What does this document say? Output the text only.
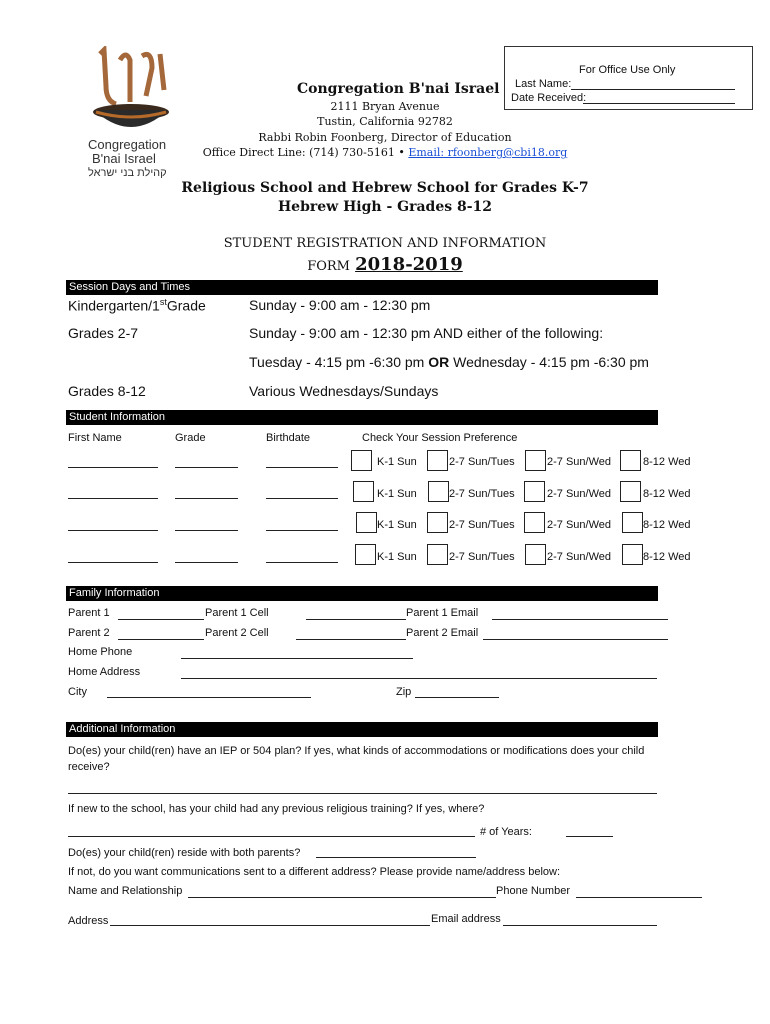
Congregation
B'nai Israel
קהילת בני ישראל
For Office Use Only
Last Name:
Date Received:
Congregation B'nai Israel
2111 Bryan Avenue
Tustin, California 92782
Rabbi Robin Foonberg, Director of Education
Office Direct Line: (714) 730-5161 • Email: rfoonberg@cbi18.org
Religious School and Hebrew School for Grades K-7
Hebrew High - Grades 8-12
STUDENT REGISTRATION AND INFORMATION
FORM 2018-2019
Session Days and Times
Kindergarten/1stGrade	Sunday - 9:00 am - 12:30 pm
Grades 2-7	Sunday - 9:00 am - 12:30 pm AND either of the following:
Tuesday - 4:15 pm -6:30 pm OR Wednesday - 4:15 pm -6:30 pm
Grades 8-12	Various Wednesdays/Sundays
Student Information
First Name	Grade	Birthdate	Check Your Session Preference
K-1 Sun	2-7 Sun/Tues	2-7 Sun/Wed	8-12 Wed
K-1 Sun	2-7 Sun/Tues	2-7 Sun/Wed	8-12 Wed
K-1 Sun	2-7 Sun/Tues	2-7 Sun/Wed	8-12 Wed
K-1 Sun	2-7 Sun/Tues	2-7 Sun/Wed	8-12 Wed
Family Information
Parent 1	Parent 1 Cell	Parent 1 Email
Parent 2	Parent 2 Cell	Parent 2 Email
Home Phone
Home Address
City	Zip
Additional Information
Do(es) your child(ren) have an IEP or 504 plan? If yes, what kinds of accommodations or modifications does your child receive?
If new to the school, has your child had any previous religious training? If yes, where?
# of Years:
Do(es) your child(ren) reside with both parents?
If not, do you want communications sent to a different address? Please provide name/address below:
Name and Relationship	Phone Number
Address	Email address
